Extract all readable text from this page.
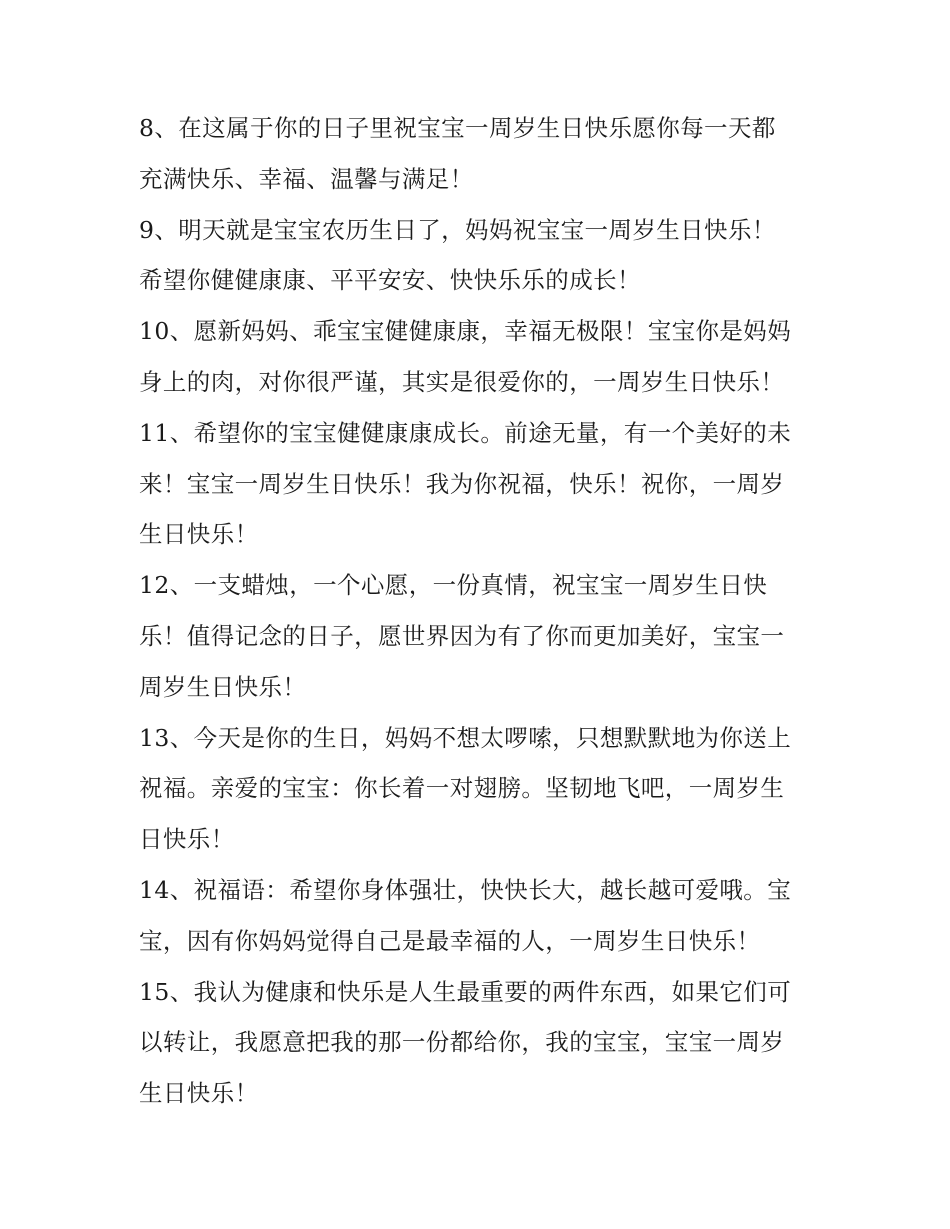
8、在这属于你的日子里祝宝宝一周岁生日快乐愿你每一天都
充满快乐、幸福、温馨与满足！

9、明天就是宝宝农历生日了，妈妈祝宝宝一周岁生日快乐！
希望你健健康康、平平安安、快快乐乐的成长！

10、愿新妈妈、乖宝宝健健康康，幸福无极限！宝宝你是妈妈
身上的肉，对你很严谨，其实是很爱你的，一周岁生日快乐！

11、希望你的宝宝健健康康成长。前途无量，有一个美好的未
来！宝宝一周岁生日快乐！我为你祝福，快乐！祝你，一周岁
生日快乐！

12、一支蜡烛，一个心愿，一份真情，祝宝宝一周岁生日快
乐！值得记念的日子，愿世界因为有了你而更加美好，宝宝一
周岁生日快乐！

13、今天是你的生日，妈妈不想太啰嗦，只想默默地为你送上
祝福。亲爱的宝宝：你长着一对翅膀。坚韧地飞吧，一周岁生
日快乐！

14、祝福语：希望你身体强壮，快快长大，越长越可爱哦。宝
宝，因有你妈妈觉得自己是最幸福的人，一周岁生日快乐！

15、我认为健康和快乐是人生最重要的两件东西，如果它们可
以转让，我愿意把我的那一份都给你，我的宝宝，宝宝一周岁
生日快乐！
